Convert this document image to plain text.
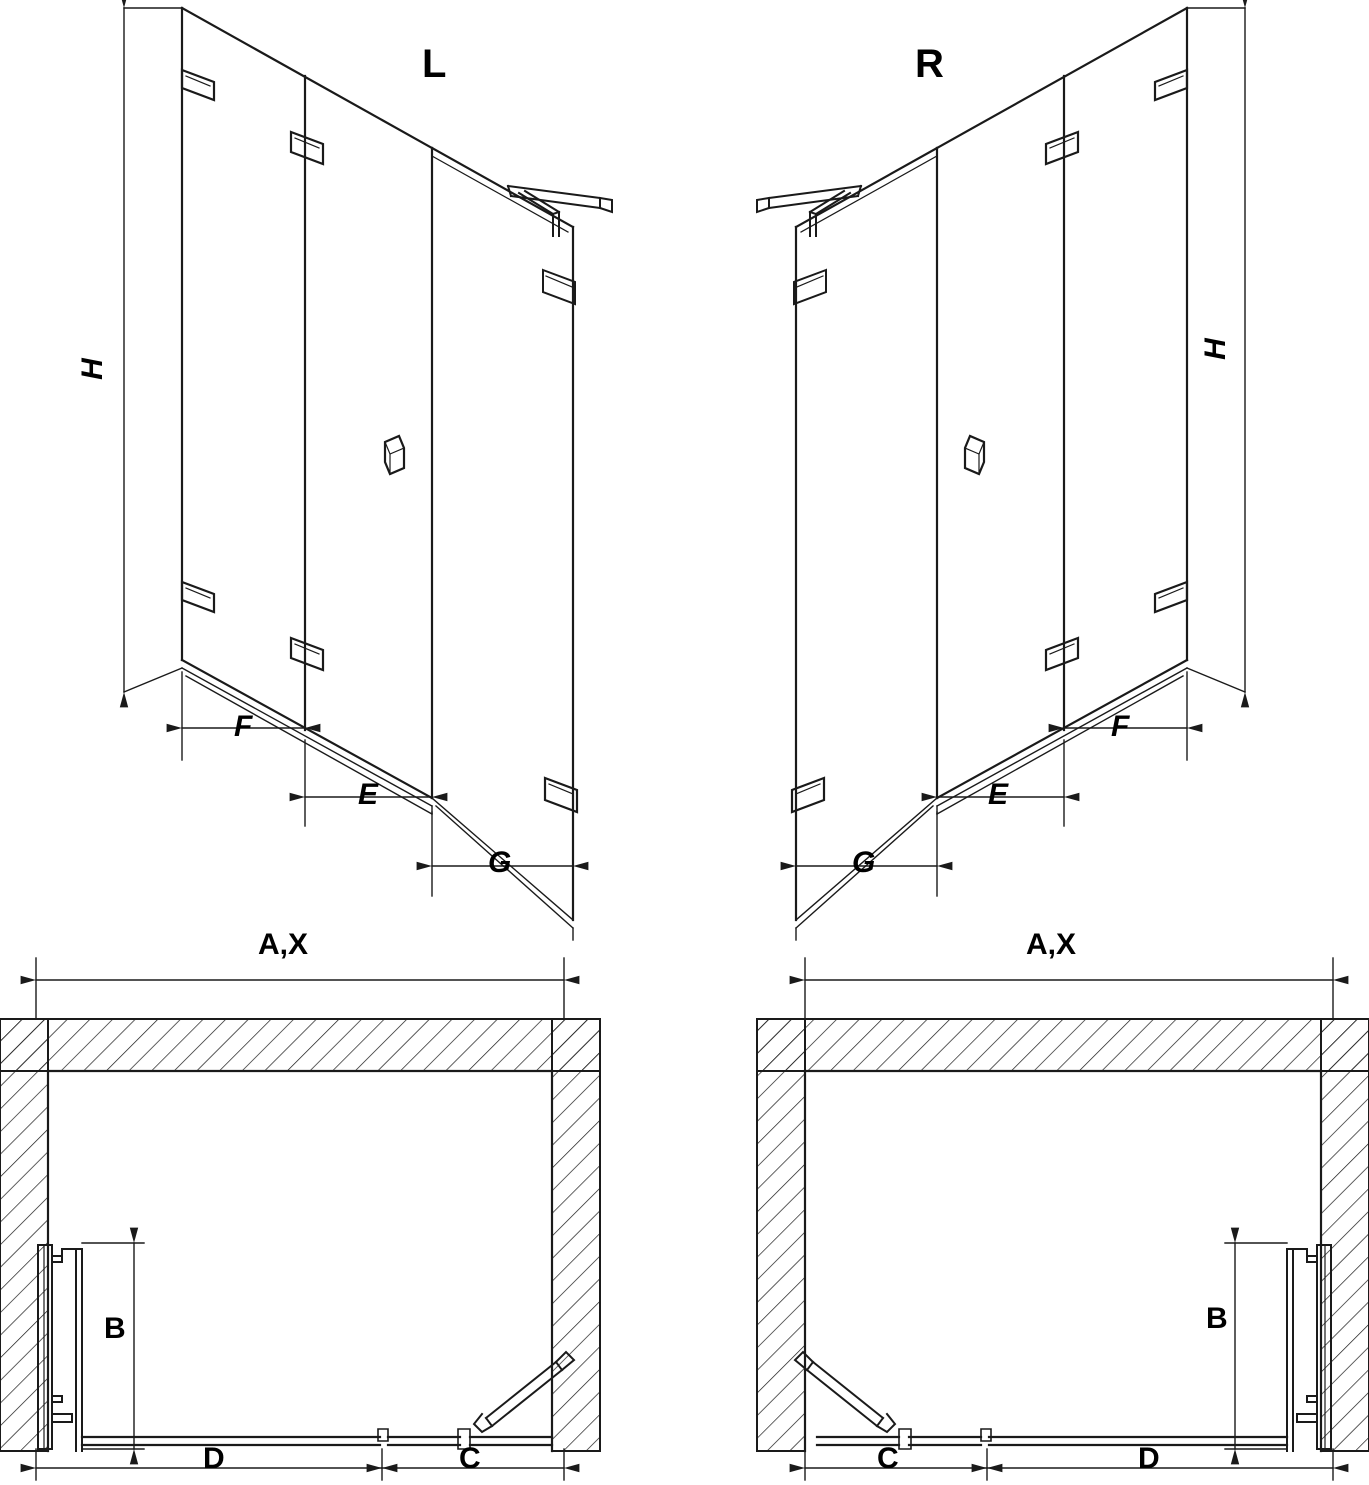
L	R
H
H
F
E
G	G
E
F
A,X	A,X
B	B
D	C	C	D
